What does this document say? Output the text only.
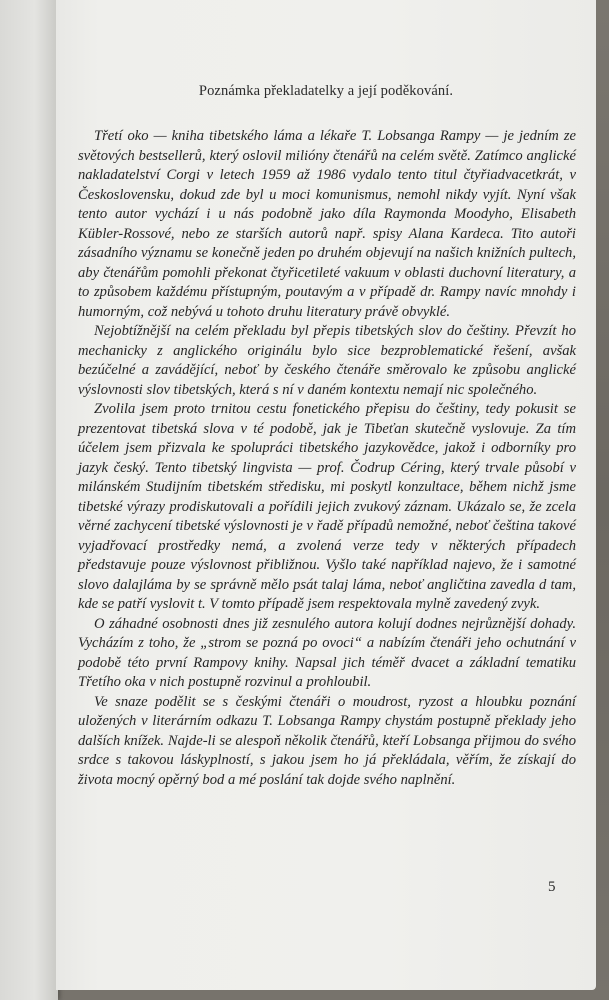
Poznámka překladatelky a její poděkování.

Třetí oko — kniha tibetského láma a lékaře T. Lobsanga Rampy — je jedním ze světových bestsellerů, který oslovil milióny čtenářů na celém světě. Zatímco anglické nakladatelství Corgi v letech 1959 až 1986 vydalo tento titul čtyřiadvacetkrát, v Československu, dokud zde byl u moci komunismus, nemohl nikdy vyjít. Nyní však tento autor vychází i u nás podobně jako díla Raymonda Moodyho, Elisabeth Kübler-Rossové, nebo ze starších autorů např. spisy Alana Kardeca. Tito autoři zásadního významu se konečně jeden po druhém objevují na našich knižních pultech, aby čtenářům pomohli překonat čtyřicetileté vakuum v oblasti duchovní literatury, a to způsobem každému přístupným, poutavým a v případě dr. Rampy navíc mnohdy i humorným, což nebývá u tohoto druhu literatury právě obvyklé.

Nejobtížnější na celém překladu byl přepis tibetských slov do češtiny. Převzít ho mechanicky z anglického originálu bylo sice bezproblematické řešení, avšak bezúčelné a zavádějící, neboť by českého čtenáře směrovalo ke způsobu anglické výslovnosti slov tibetských, která s ní v daném kontextu nemají nic společného.

Zvolila jsem proto trnitou cestu fonetického přepisu do češtiny, tedy pokusit se prezentovat tibetská slova v té podobě, jak je Tibeťan skutečně vyslovuje. Za tím účelem jsem přizvala ke spolupráci tibetského jazykovědce, jakož i odborníky pro jazyk český. Tento tibetský lingvista — prof. Čodrup Céring, který trvale působí v milánském Studijním tibetském středisku, mi poskytl konzultace, během nichž jsme tibetské výrazy prodiskutovali a pořídili jejich zvukový záznam. Ukázalo se, že zcela věrné zachycení tibetské výslovnosti je v řadě případů nemožné, neboť čeština takové vyjadřovací prostředky nemá, a zvolená verze tedy v některých případech představuje pouze výslovnost přibližnou. Vyšlo také například najevo, že i samotné slovo dalajláma by se správně mělo psát talaj láma, neboť angličtina zavedla d tam, kde se patří vyslovit t. V tomto případě jsem respektovala mylně zavedený zvyk.

O záhadné osobnosti dnes již zesnulého autora kolují dodnes nejrůznější dohady. Vycházím z toho, že „strom se pozná po ovoci“ a nabízím čtenáři jeho ochutnání v podobě této první Rampovy knihy. Napsal jich téměř dvacet a základní tematiku Třetího oka v nich postupně rozvinul a prohloubil.

Ve snaze podělit se s českými čtenáři o moudrost, ryzost a hloubku poznání uložených v literárním odkazu T. Lobsanga Rampy chystám postupně překlady jeho dalších knížek. Najde-li se alespoň několik čtenářů, kteří Lobsanga přijmou do svého srdce s takovou láskyplností, s jakou jsem ho já překládala, věřím, že získají do života mocný opěrný bod a mé poslání tak dojde svého naplnění.

5
